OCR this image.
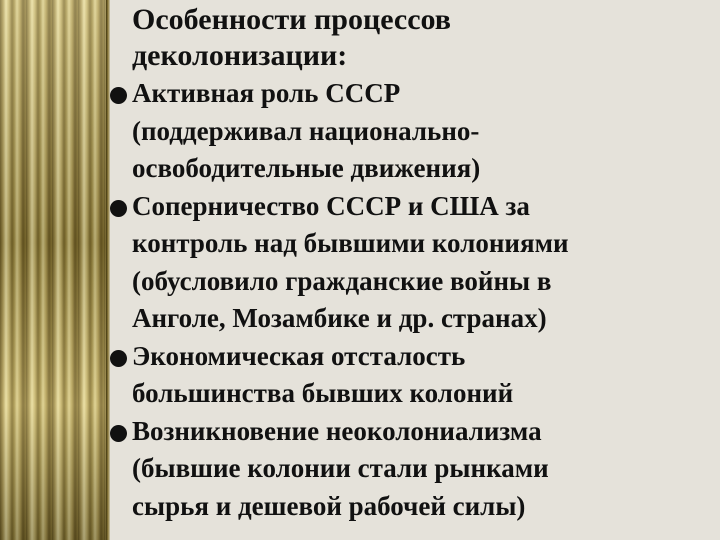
Особенности процессов
деколонизации:
Активная роль СССР
(поддерживал национально-
освободительные движения)
Соперничество СССР и США за
контроль над бывшими колониями
(обусловило гражданские войны в
Анголе, Мозамбике и др. странах)
Экономическая отсталость
большинства бывших колоний
Возникновение неоколониализма
(бывшие колонии стали рынками
сырья и дешевой рабочей силы)
